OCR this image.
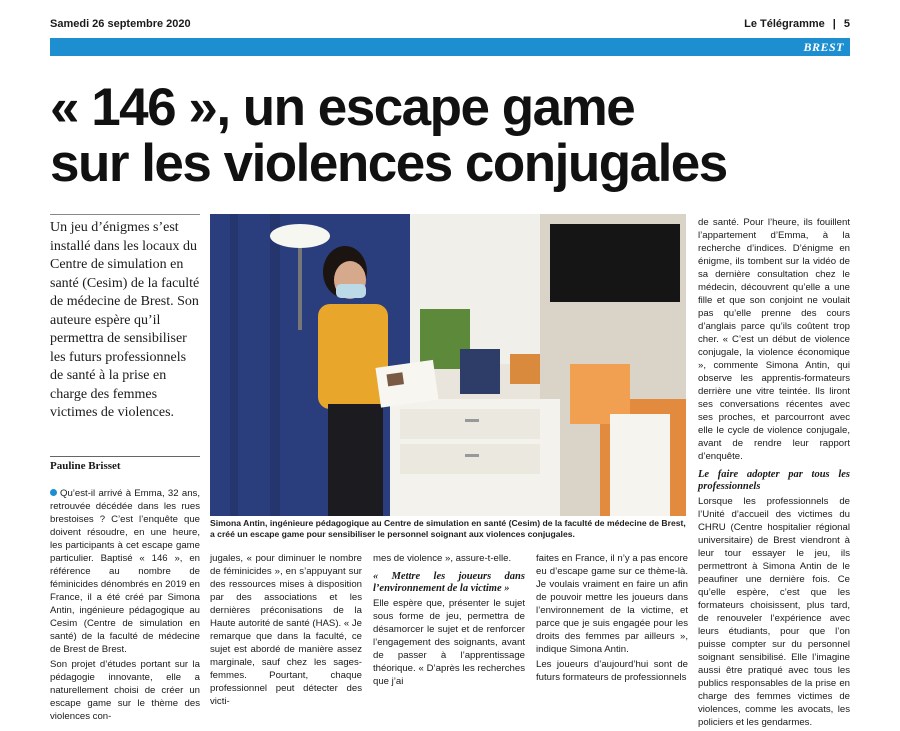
Samedi 26 septembre 2020	Le Télégramme | 5
BREST
« 146 », un escape game
sur les violences conjugales
Un jeu d’énigmes s’est installé dans les locaux du Centre de simulation en santé (Cesim) de la faculté de médecine de Brest. Son auteure espère qu’il permettra de sensibiliser les futurs professionnels de santé à la prise en charge des femmes victimes de violences.
Pauline Brisset

Qu’est-il arrivé à Emma, 32 ans, retrouvée décédée dans les rues brestoises ? C’est l’enquête que doivent résoudre, en une heure, les participants à cet escape game particulier. Baptisé « 146 », en référence au nombre de féminicides dénombrés en 2019 en France, il a été créé par Simona Antin, ingénieure pédagogique au Cesim (Centre de simulation en santé) de la faculté de médecine de Brest de Brest.

Son projet d’études portant sur la pédagogie innovante, elle a naturellement choisi de créer un escape game sur le thème des violences con-

Simona Antin, ingénieure pédagogique au Centre de simulation en santé (Cesim) de la faculté de médecine de Brest, a créé un escape game pour sensibiliser le personnel soignant aux violences conjugales.

jugales, « pour diminuer le nombre de féminicides », en s’appuyant sur des ressources mises à disposition par des associations et les dernières préconisations de la Haute autorité de santé (HAS). « Je remarque que dans la faculté, ce sujet est abordé de manière assez marginale, sauf chez les sages-femmes. Pourtant, chaque professionnel peut détecter des victi-

mes de violence », assure-t-elle.

« Mettre les joueurs dans l’environnement de la victime »

Elle espère que, présenter le sujet sous forme de jeu, permettra de désamorcer le sujet et de renforcer l’engagement des soignants, avant de passer à l’apprentissage théorique. « D’après les recherches que j’ai

faites en France, il n’y a pas encore eu d’escape game sur ce thème-là. Je voulais vraiment en faire un afin de pouvoir mettre les joueurs dans l’environnement de la victime, et parce que je suis engagée pour les droits des femmes par ailleurs », indique Simona Antin.

Les joueurs d’aujourd’hui sont de futurs formateurs de professionnels

de santé. Pour l’heure, ils fouillent l’appartement d’Emma, à la recherche d’indices. D’énigme en énigme, ils tombent sur la vidéo de sa dernière consultation chez le médecin, découvrent qu’elle a une fille et que son conjoint ne voulait pas qu’elle prenne des cours d’anglais parce qu’ils coûtent trop cher. « C’est un début de violence conjugale, la violence économique », commente Simona Antin, qui observe les apprentis-formateurs derrière une vitre teintée. Ils liront ses conversations récentes avec ses proches, et parcourront avec elle le cycle de violence conjugale, avant de rendre leur rapport d’enquête.

Le faire adopter par tous les professionnels

Lorsque les professionnels de l’Unité d’accueil des victimes du CHRU (Centre hospitalier régional universitaire) de Brest viendront à leur tour essayer le jeu, ils permettront à Simona Antin de le peaufiner une dernière fois. Ce qu’elle espère, c’est que les formateurs choisissent, plus tard, de renouveler l’expérience avec leurs étudiants, pour que l’on puisse compter sur du personnel soignant sensibilisé. Elle l’imagine aussi être pratiqué avec tous les publics responsables de la prise en charge des femmes victimes de violences, comme les avocats, les policiers et les gendarmes.
